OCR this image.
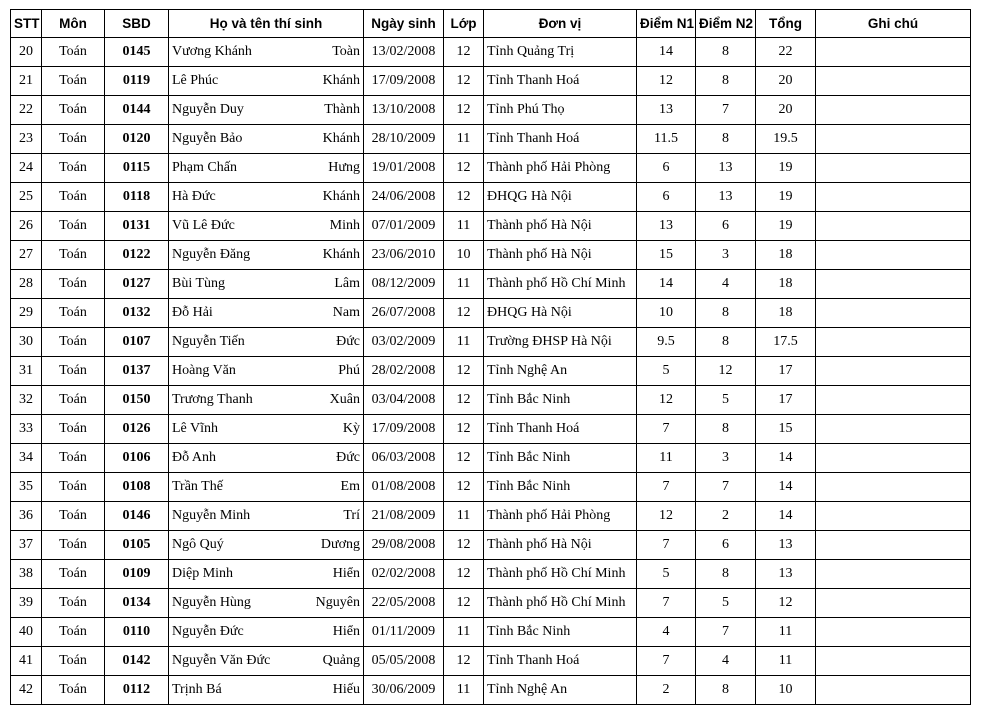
STT	Môn	SBD	Họ và tên thí sinh	Ngày sinh	Lớp	Đơn vị	Điểm N1	Điểm N2	Tổng	Ghi chú
20	Toán	0145	Vương Khánh Toàn	13/02/2008	12	Tỉnh Quảng Trị	14	8	22	
21	Toán	0119	Lê Phúc Khánh	17/09/2008	12	Tỉnh Thanh Hoá	12	8	20	
22	Toán	0144	Nguyễn Duy Thành	13/10/2008	12	Tỉnh Phú Thọ	13	7	20	
23	Toán	0120	Nguyễn Bảo Khánh	28/10/2009	11	Tỉnh Thanh Hoá	11.5	8	19.5	
24	Toán	0115	Phạm Chấn Hưng	19/01/2008	12	Thành phố Hải Phòng	6	13	19	
25	Toán	0118	Hà Đức Khánh	24/06/2008	12	ĐHQG Hà Nội	6	13	19	
26	Toán	0131	Vũ Lê Đức Minh	07/01/2009	11	Thành phố Hà Nội	13	6	19	
27	Toán	0122	Nguyễn Đăng Khánh	23/06/2010	10	Thành phố Hà Nội	15	3	18	
28	Toán	0127	Bùi Tùng Lâm	08/12/2009	11	Thành phố Hồ Chí Minh	14	4	18	
29	Toán	0132	Đỗ Hải Nam	26/07/2008	12	ĐHQG Hà Nội	10	8	18	
30	Toán	0107	Nguyễn Tiến Đức	03/02/2009	11	Trường ĐHSP Hà Nội	9.5	8	17.5	
31	Toán	0137	Hoàng Văn Phú	28/02/2008	12	Tỉnh Nghệ An	5	12	17	
32	Toán	0150	Trương Thanh Xuân	03/04/2008	12	Tỉnh Bắc Ninh	12	5	17	
33	Toán	0126	Lê Vĩnh Kỳ	17/09/2008	12	Tỉnh Thanh Hoá	7	8	15	
34	Toán	0106	Đỗ Anh Đức	06/03/2008	12	Tỉnh Bắc Ninh	11	3	14	
35	Toán	0108	Trần Thế Em	01/08/2008	12	Tỉnh Bắc Ninh	7	7	14	
36	Toán	0146	Nguyễn Minh Trí	21/08/2009	11	Thành phố Hải Phòng	12	2	14	
37	Toán	0105	Ngô Quý Dương	29/08/2008	12	Thành phố Hà Nội	7	6	13	
38	Toán	0109	Diệp Minh Hiển	02/02/2008	12	Thành phố Hồ Chí Minh	5	8	13	
39	Toán	0134	Nguyễn Hùng Nguyên	22/05/2008	12	Thành phố Hồ Chí Minh	7	5	12	
40	Toán	0110	Nguyễn Đức Hiển	01/11/2009	11	Tỉnh Bắc Ninh	4	7	11	
41	Toán	0142	Nguyễn Văn Đức Quảng	05/05/2008	12	Tỉnh Thanh Hoá	7	4	11	
42	Toán	0112	Trịnh Bá Hiếu	30/06/2009	11	Tỉnh Nghệ An	2	8	10	
